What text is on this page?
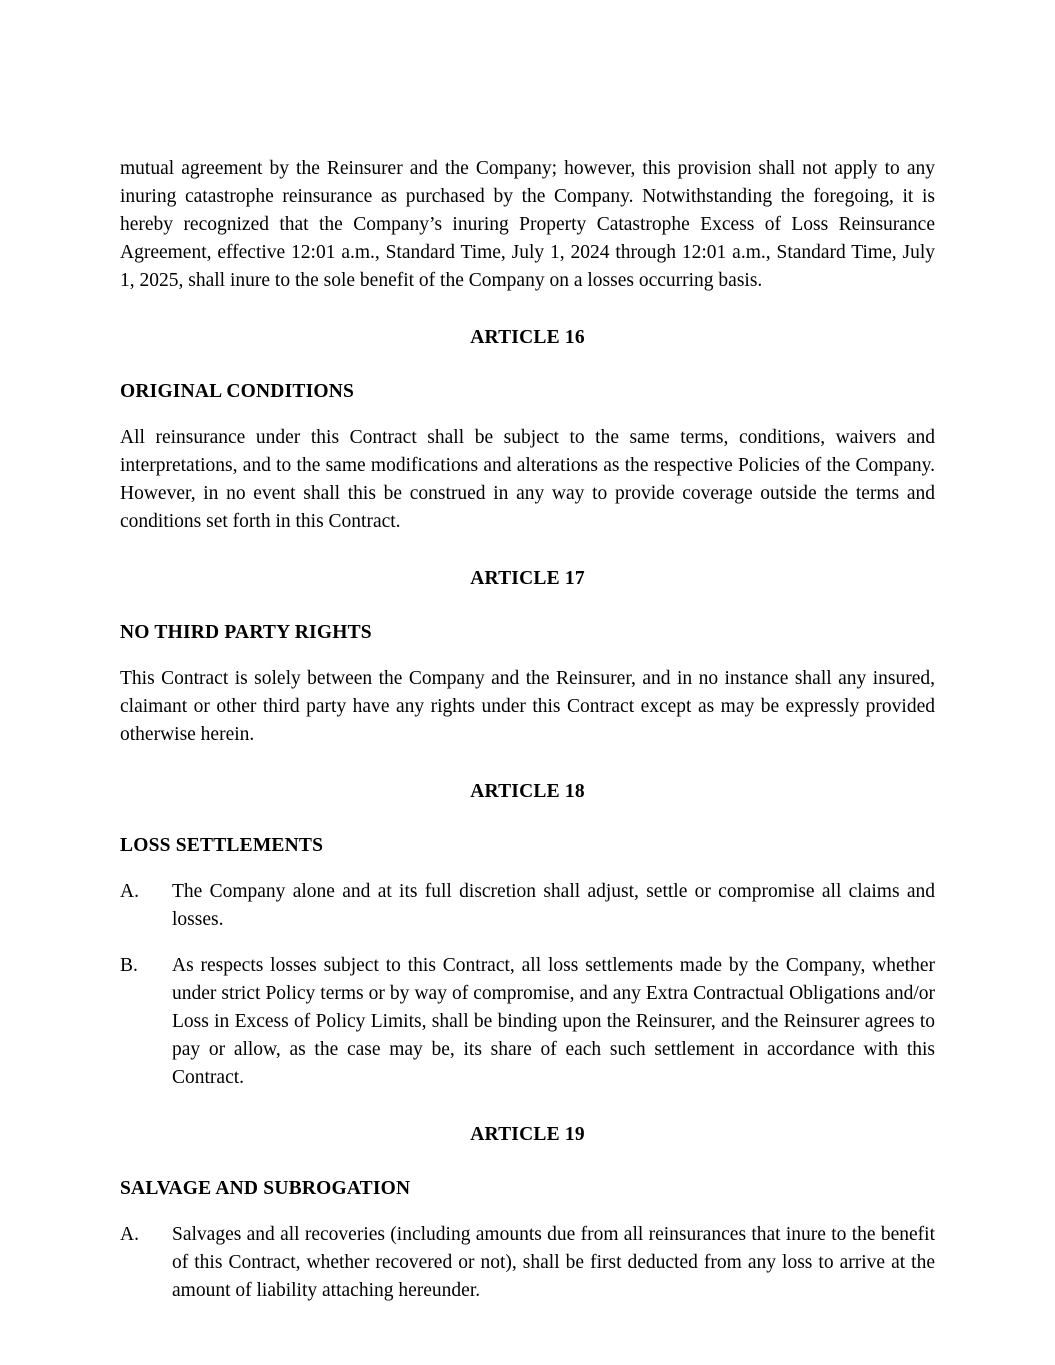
mutual agreement by the Reinsurer and the Company; however, this provision shall not apply to any inuring catastrophe reinsurance as purchased by the Company. Notwithstanding the foregoing, it is hereby recognized that the Company’s inuring Property Catastrophe Excess of Loss Reinsurance Agreement, effective 12:01 a.m., Standard Time, July 1, 2024 through 12:01 a.m., Standard Time, July 1, 2025, shall inure to the sole benefit of the Company on a losses occurring basis.

ARTICLE 16
ORIGINAL CONDITIONS

All reinsurance under this Contract shall be subject to the same terms, conditions, waivers and interpretations, and to the same modifications and alterations as the respective Policies of the Company. However, in no event shall this be construed in any way to provide coverage outside the terms and conditions set forth in this Contract.

ARTICLE 17
NO THIRD PARTY RIGHTS

This Contract is solely between the Company and the Reinsurer, and in no instance shall any insured, claimant or other third party have any rights under this Contract except as may be expressly provided otherwise herein.

ARTICLE 18
LOSS SETTLEMENTS
A.	The Company alone and at its full discretion shall adjust, settle or compromise all claims and losses.
B.	As respects losses subject to this Contract, all loss settlements made by the Company, whether under strict Policy terms or by way of compromise, and any Extra Contractual Obligations and/or Loss in Excess of Policy Limits, shall be binding upon the Reinsurer, and the Reinsurer agrees to pay or allow, as the case may be, its share of each such settlement in accordance with this Contract.
ARTICLE 19
SALVAGE AND SUBROGATION
A.	Salvages and all recoveries (including amounts due from all reinsurances that inure to the benefit of this Contract, whether recovered or not), shall be first deducted from any loss to arrive at the amount of liability attaching hereunder.
